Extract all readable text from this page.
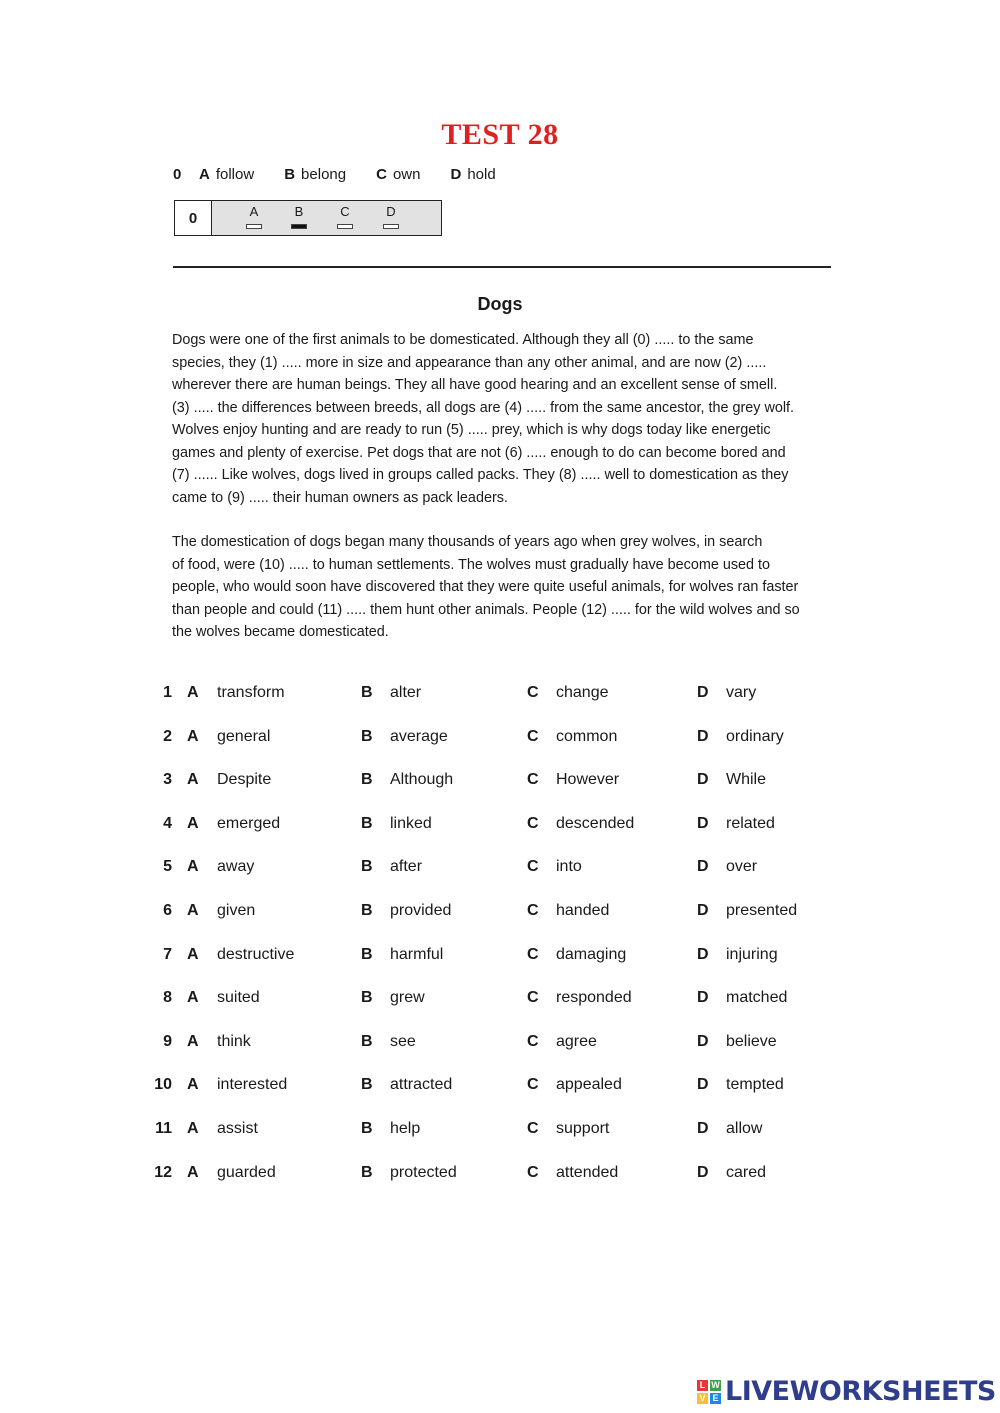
TEST 28
0	A follow B belong C own D hold
0	A	B	C	D
Dogs
Dogs were one of the first animals to be domesticated. Although they all (0) ..... to the same
species, they (1) ..... more in size and appearance than any other animal, and are now (2) .....
wherever there are human beings. They all have good hearing and an excellent sense of smell.
(3) ..... the differences between breeds, all dogs are (4) ..... from the same ancestor, the grey wolf.
Wolves enjoy hunting and are ready to run (5) ..... prey, which is why dogs today like energetic
games and plenty of exercise. Pet dogs that are not (6) ..... enough to do can become bored and
(7) ...... Like wolves, dogs lived in groups called packs. They (8) ..... well to domestication as they
came to (9) ..... their human owners as pack leaders.
The domestication of dogs began many thousands of years ago when grey wolves, in search
of food, were (10) ..... to human settlements. The wolves must gradually have become used to
people, who would soon have discovered that they were quite useful animals, for wolves ran faster
than people and could (11) ..... them hunt other animals. People (12) ..... for the wild wolves and so
the wolves became domesticated.
1 A transform	B alter	C change	D vary
2 A general	B average	C common	D ordinary
3 A Despite	B Although	C However	D While
4 A emerged	B linked	C descended	D related
5 A away	B after	C into	D over
6 A given	B provided	C handed	D presented
7 A destructive	B harmful	C damaging	D injuring
8 A suited	B grew	C responded	D matched
9 A think	B see	C agree	D believe
10 A interested	B attracted	C appealed	D tempted
11 A assist	B help	C support	D allow
12 A guarded	B protected	C attended	D cared
L W
V E LIVEWORKSHEETS
